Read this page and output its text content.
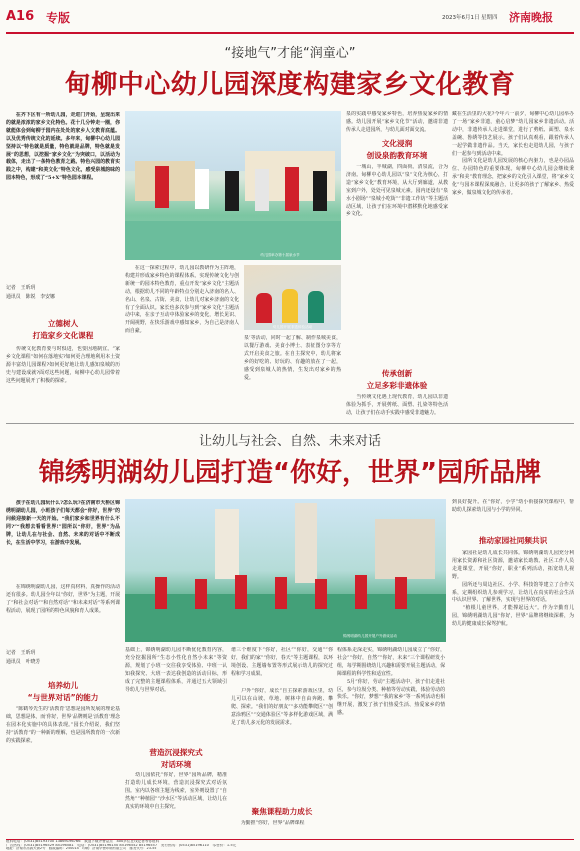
A16 专版	2023年6月1日 星期四 济南晚报
“接地气”才能“润童心”
甸柳中心幼儿园深度构建家乡文化教育
　　在齐下区有一所幼儿园，走进门开始，呈现出来的就是浓浓的家乡文化特色。花十几分钟走一圈，你就能体会到甸柳于园内在处处的家乡人文教育底蕴。以及优秀传统文化的延续。多年来，甸柳中心幼儿园坚持以“特色就是质量，特色就是品牌，特色就是发展”的思想，以挖掘“家乡文化”为突破口，以活动为载体，走出了一条特色教育之路。特色兴园的教育实践之中，构建“和美文化”特色文化，感受泉城韵味的园本特色，形成了“5+X”特色园本课程。
记者　王昕玥
通讯员　陈锐　李安娜
立德树人
打造家乡文化课程
　　传统文化教育要与时俱进，也要因地制宜。“家乡文化课程”如何在落地实?如何更合理地利用本土资源丰富幼儿园课程?如何更好地让幼儿感知泉城的历史与建设成就?面对这些问题，甸柳中心幼儿园带着这些问题展开了积极的探索。
幼儿园举办第十届泉水节
　　在这一探索过程中，幼儿园以教研作为主阵地，构建并形成家乡特色的课程体系。实现传统文化与创新统一的园本特色教育，重点开发“家乡文化”主题活动，根据幼儿不同的年龄特点分别走入济南的名人、名山、名泉、古街、美食，让幼儿对家乡济南的文化有了全面认识。家长也多次参与到“家乡文化”主题活动中来，在亲子互动中体验家乡的变化，增长见识、开阔视野，在快乐游戏中感知家乡，为自己是济南人而自豪。
幼儿园开展非遗体验活动
泉’等活动，同时一起了解、制作泉城美食，以餐厅游戏、美食小博士、表征图分享等方式开启美食之旅。在自主探究中，幼儿将家乡的好吃的、好玩的、有趣的放在了一起，感受到泉城人的热情，生发出对家乡的热爱。
泉的实践中感受家乡特色，培养热爱家乡的情感。幼儿园开展“家乡文化节”活动，邀请非遗传承人走进园所，与幼儿面对面交流。
文化浸润
创设泉韵教育环境
　　一城山，半城湖，四面荷。清泉流，合为济南。甸柳中心幼儿园以“泉”文化为核心，打造“家乡文化”教育环境，从大厅到廊道，从教室到户外，处处可见泉城元素。园内还设有“泉水小剧场”“泉城小吃街”“非遗工作坊”等主题活动区域，让孩子们在环境中潜移默化地感受家乡文化。
传承创新
立足多彩非遗体验
　　当传统文化遇上现代教育，幼儿园以非遗体验为抓手，开展剪纸、面塑、扎染等特色活动，让孩子们在动手实践中感受非遗魅力。
藏在生活里的大花?今年六一前夕，甸柳中心幼儿园举办了一场“家乡非遗，童心启梦”幼儿园家乡非遗活动。活动中，非遗传承人走进课堂，进行了剪纸、面塑、泉水盖碗、鲁绣等技艺展示。孩子们认真观看，跟着传承人一起学做非遗作品。当天，家长也走进幼儿园，与孩子们一起参与到活动中来。
　　园所文化是幼儿园发展的核心内驱力，也是办园品位、办园特色的重要体现。甸柳中心幼儿园会继续秉承“和美”教育理念，把家乡的文化引入课堂，将“家乡文化”与园本课程深度融合，让更多的孩子了解家乡、热爱家乡，做泉城文化的传承者。
让幼儿与社会、自然、未来对话
锦绣明湖幼儿园打造“你好，世界”园所品牌
　　孩子在幼儿园玩什么?怎么玩?在济南市天桥区锦绣明湖幼儿园，小班孩子们每天都会“你好，世界”的问候迎接新一天的开始。“我们家乡和世界有什么不同?”“我想去看看世界!”园所以“你好，世界”为品牌，让幼儿在与社会、自然、未来的对话中不断成长，在生活中学习，在游戏中发展。
　　在锦绣明湖幼儿园，这样真材料，真操作的活动还有很多。幼儿园全年以“你好，世界”为主题，开展了“和社会对话”“和自然对话”“和未来对话”等系列课程活动，展现了园所的特色风貌和育人成果。
记者　王昕玥
通讯员　叶晓芳
培养幼儿
“与世界对话”的能力
　　“陈鹤琴先生的‘活教育’思想是园所发展的理论基础，思想是体，而‘你好，世界’品牌则是‘活教育’理念在园本化实施中的具体表现。”园长介绍说，我们坚持“活教育”的一种新的理解，也是园所教育的一次新的实践探索。
锦绣明湖幼儿园开展户外游戏活动
基础上，锦绣明湖幼儿园不断优化教育内容，充分挖掘园所“生态小性化自然小未来”等资源，规划了小班一交往我享受体验、中班一认知我探究、大班一表达我创造的活动目标，形成了完整的主题课程体系，并通过五大领域引导幼儿与世界对话。
营造沉浸探究式
对话环境
　　幼儿园依托“你好，世界”园所品牌，精准打造幼儿成长环境，营造沉浸探究式对话氛围。室内以各班主题为线索，室外则设置了“自然角”“种植园”“沙水区”等活动区域，让幼儿在真实的环境中自主探究。
谐三个维度下“你好，社区”“你好，交通”“你好，我们的家”“你好，春天”等主题课程，以环境创设、主题墙布置等形式展示幼儿的探究过程和学习成果。
　　户外“你好，成长”自主探索游戏区里，幼儿可以在山坡、草地、树林中自由奔跑、攀爬、探索。“我们的好朋友”“多功能攀爬区”“创意涂鸦区”“交通体验区”等多样化游戏区域，满足了幼儿多元化的发展需求。
聚焦课程助力成长
　　为勤推“你好，世界”品牌课程
程体系走深走实，锦绣明湖幼儿园成立了“你好，社会”“你好，自然”“你好，未来”三个课程研发小组，每学期围绕幼儿兴趣和需要开展主题活动，保障课程的科学性和适宜性。
　　5月“你好，劳动”主题活动中，孩子们走进社区，参与垃圾分类、种植等劳动实践，体验劳动的快乐。“你好，梦想”“我的家乡”等一系列活动也相继开展，激发了孩子们热爱生活、热爱家乡的情感。
到良好提升。在“你好，小学”幼小衔接探究课程中，帮助幼儿探索幼儿园与小学的异同。
推动家园社同频共识
　　家园社是幼儿成长共同体。锦绣明湖幼儿园充分利用家长资源和社区资源，邀请家长助教、社区工作人员走进课堂，开展“你好，职业”系列活动，拓宽幼儿视野。
　　园所还与周边社区、小学、科技馆等建立了合作关系，定期组织幼儿参观学习，让幼儿在真实的社会生活中认识世界、了解世界，实现与世界的对话。
　　“植根儿童世界，才能撑起远大”。作为辛勤育儿园，锦绣明湖幼儿园“你好，世界”品牌将继续深耕，为幼儿的健康成长保驾护航。
报料电话：(0531)85193700 13869196766　欢迎下载齐鲁壹点　400多位在线记者等你报料
广告热线：(0531)85196529 85196581　电话：(0531)85196150 85196552 85196557　发行热线：(0531)85196110　零售价：1.5元
地址：济南市泺源大街2号　邮政编码：250014　印刷：济南华鲁印刷有限公司　邮发代号：23-55
